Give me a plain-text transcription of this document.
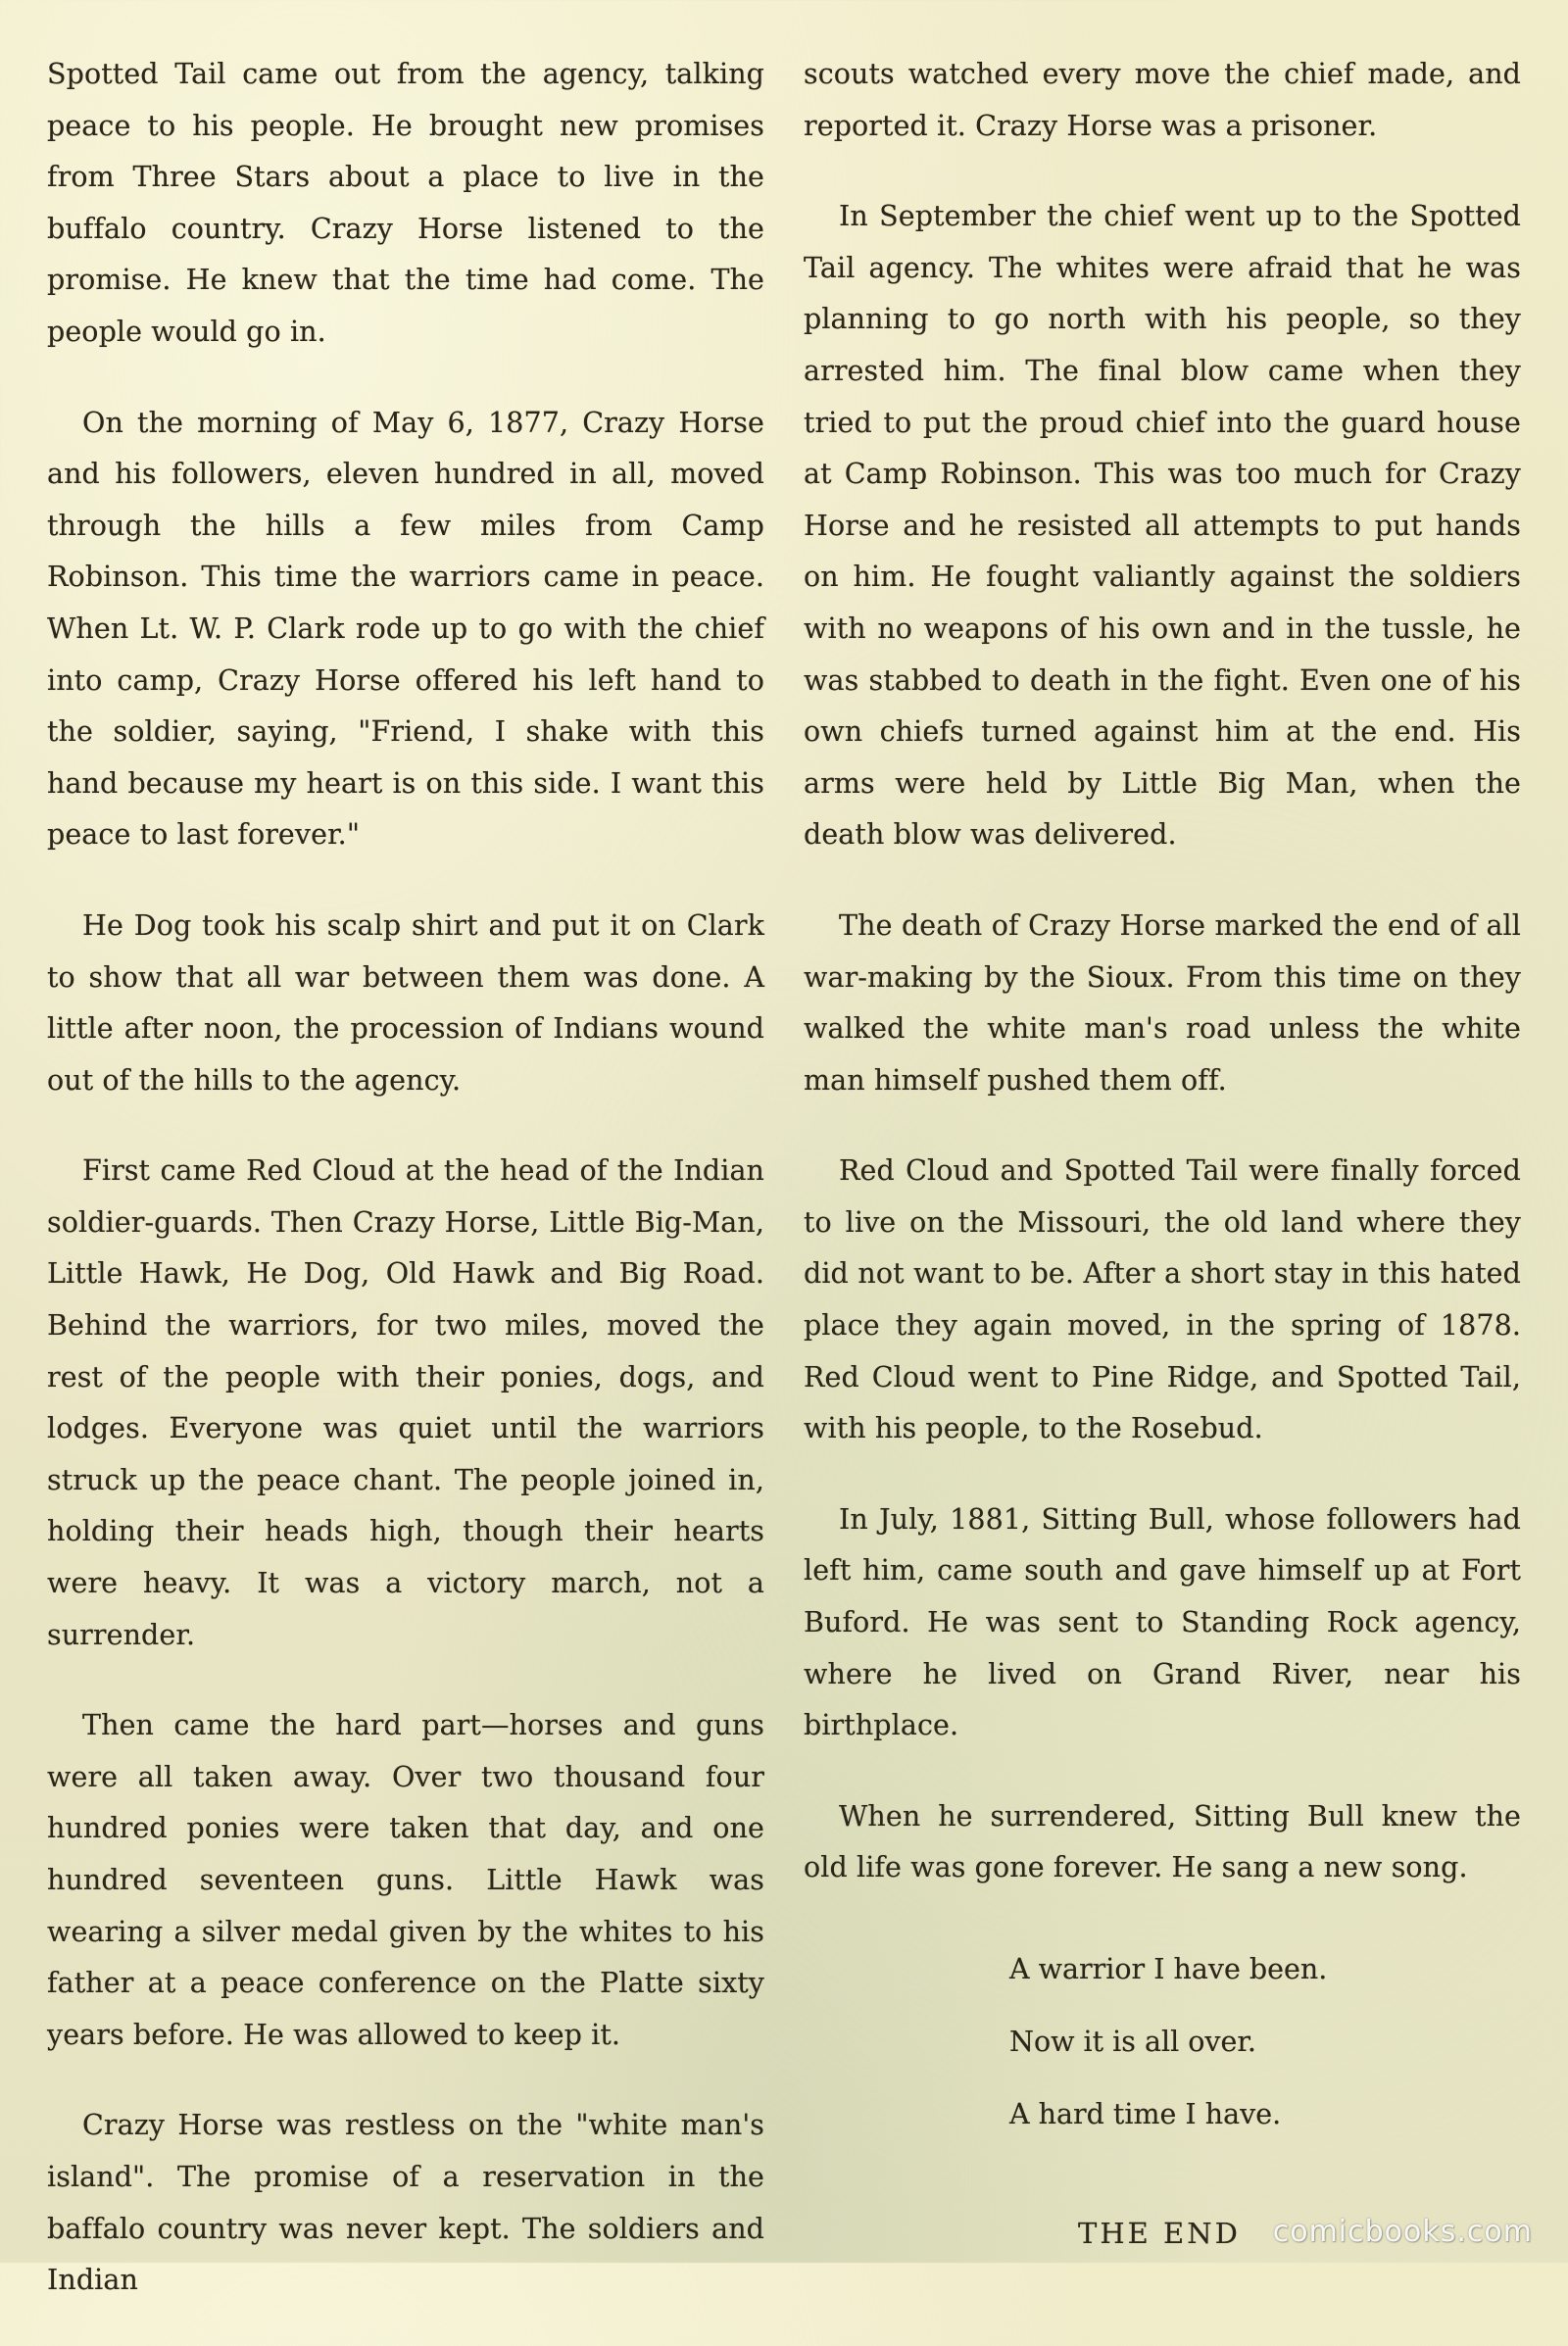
Spotted Tail came out from the agency, talking peace to his people. He brought new promises from Three Stars about a place to live in the buffalo country. Crazy Horse listened to the promise. He knew that the time had come. The people would go in.

On the morning of May 6, 1877, Crazy Horse and his followers, eleven hundred in all, moved through the hills a few miles from Camp Robinson. This time the warriors came in peace. When Lt. W. P. Clark rode up to go with the chief into camp, Crazy Horse offered his left hand to the soldier, saying, "Friend, I shake with this hand because my heart is on this side. I want this peace to last forever."

He Dog took his scalp shirt and put it on Clark to show that all war between them was done. A little after noon, the procession of Indians wound out of the hills to the agency.

First came Red Cloud at the head of the Indian soldier-guards. Then Crazy Horse, Little Big-Man, Little Hawk, He Dog, Old Hawk and Big Road. Behind the warriors, for two miles, moved the rest of the people with their ponies, dogs, and lodges. Everyone was quiet until the warriors struck up the peace chant. The people joined in, holding their heads high, though their hearts were heavy. It was a victory march, not a surrender.

Then came the hard part—horses and guns were all taken away. Over two thousand four hundred ponies were taken that day, and one hundred seventeen guns. Little Hawk was wearing a silver medal given by the whites to his father at a peace conference on the Platte sixty years before. He was allowed to keep it.

Crazy Horse was restless on the "white man's island". The promise of a reservation in the baffalo country was never kept. The soldiers and Indian

scouts watched every move the chief made, and reported it. Crazy Horse was a prisoner.

In September the chief went up to the Spotted Tail agency. The whites were afraid that he was planning to go north with his people, so they arrested him. The final blow came when they tried to put the proud chief into the guard house at Camp Robinson. This was too much for Crazy Horse and he resisted all attempts to put hands on him. He fought valiantly against the soldiers with no weapons of his own and in the tussle, he was stabbed to death in the fight. Even one of his own chiefs turned against him at the end. His arms were held by Little Big Man, when the death blow was delivered.

The death of Crazy Horse marked the end of all war-making by the Sioux. From this time on they walked the white man's road unless the white man himself pushed them off.

Red Cloud and Spotted Tail were finally forced to live on the Missouri, the old land where they did not want to be. After a short stay in this hated place they again moved, in the spring of 1878. Red Cloud went to Pine Ridge, and Spotted Tail, with his people, to the Rosebud.

In July, 1881, Sitting Bull, whose followers had left him, came south and gave himself up at Fort Buford. He was sent to Standing Rock agency, where he lived on Grand River, near his birthplace.

When he surrendered, Sitting Bull knew the old life was gone forever. He sang a new song.

A warrior I have been.
Now it is all over.
A hard time I have.
THE END comicbooks.com
